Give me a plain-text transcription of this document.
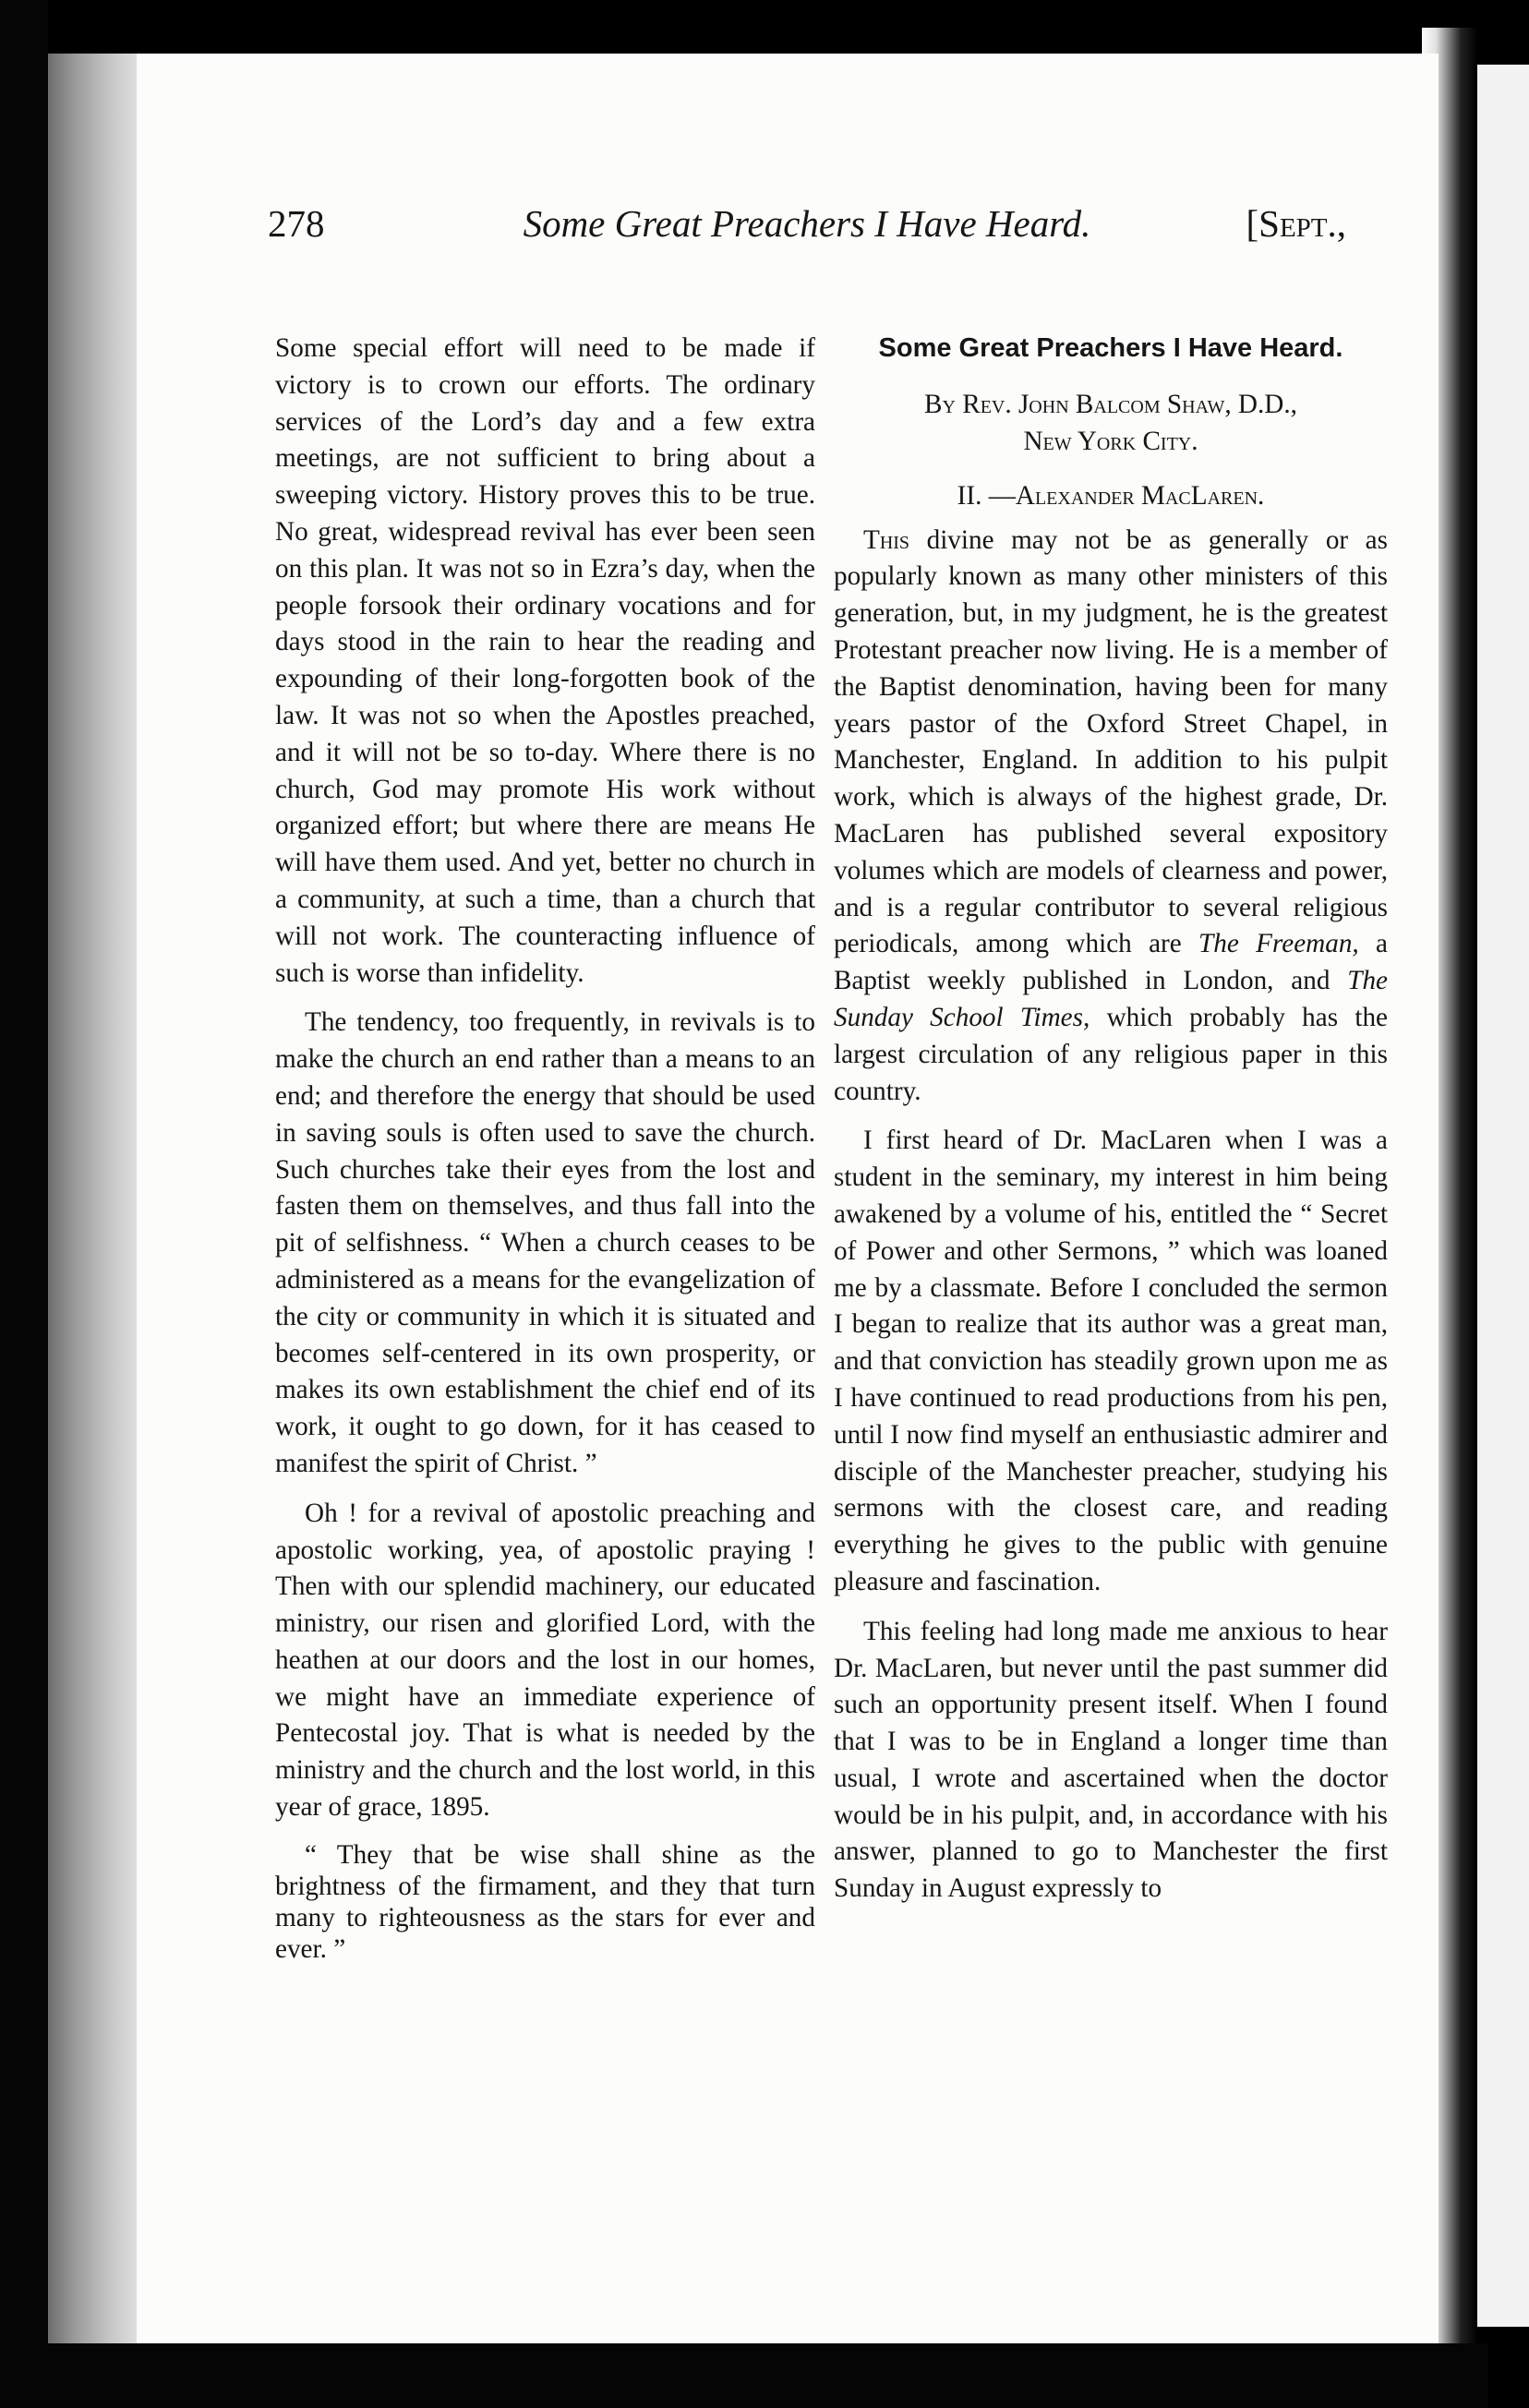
278	Some Great Preachers I Have Heard.	[Sept.,

Some special effort will need to be made if victory is to crown our efforts. The ordinary services of the Lord’s day and a few extra meetings, are not sufficient to bring about a sweeping victory. History proves this to be true. No great, widespread revival has ever been seen on this plan. It was not so in Ezra’s day, when the people forsook their ordinary vocations and for days stood in the rain to hear the reading and expounding of their long-forgotten book of the law. It was not so when the Apostles preached, and it will not be so to-day. Where there is no church, God may promote His work without organized effort; but where there are means He will have them used. And yet, better no church in a community, at such a time, than a church that will not work. The counteracting influence of such is worse than infidelity.

The tendency, too frequently, in revivals is to make the church an end rather than a means to an end; and therefore the energy that should be used in saving souls is often used to save the church. Such churches take their eyes from the lost and fasten them on themselves, and thus fall into the pit of selfishness. “ When a church ceases to be administered as a means for the evangelization of the city or community in which it is situated and becomes self-centered in its own prosperity, or makes its own establishment the chief end of its work, it ought to go down, for it has ceased to manifest the spirit of Christ. ”

Oh ! for a revival of apostolic preaching and apostolic working, yea, of apostolic praying ! Then with our splendid machinery, our educated ministry, our risen and glorified Lord, with the heathen at our doors and the lost in our homes, we might have an immediate experience of Pentecostal joy. That is what is needed by the ministry and the church and the lost world, in this year of grace, 1895.

“ They that be wise shall shine as the brightness of the firmament, and they that turn many to righteousness as the stars for ever and ever. ”

Some Great Preachers I Have Heard.
By Rev. John Balcom Shaw, D.D.,
New York City.
II. —Alexander MacLaren.

This divine may not be as generally or as popularly known as many other ministers of this generation, but, in my judgment, he is the greatest Protestant preacher now living. He is a member of the Baptist denomination, having been for many years pastor of the Oxford Street Chapel, in Manchester, England. In addition to his pulpit work, which is always of the highest grade, Dr. MacLaren has published several expository volumes which are models of clearness and power, and is a regular contributor to several religious periodicals, among which are The Freeman, a Baptist weekly published in London, and The Sunday School Times, which probably has the largest circulation of any religious paper in this country.

I first heard of Dr. MacLaren when I was a student in the seminary, my interest in him being awakened by a volume of his, entitled the “ Secret of Power and other Sermons, ” which was loaned me by a classmate. Before I concluded the sermon I began to realize that its author was a great man, and that conviction has steadily grown upon me as I have continued to read productions from his pen, until I now find myself an enthusiastic admirer and disciple of the Manchester preacher, studying his sermons with the closest care, and reading everything he gives to the public with genuine pleasure and fascination.

This feeling had long made me anxious to hear Dr. MacLaren, but never until the past summer did such an opportunity present itself. When I found that I was to be in England a longer time than usual, I wrote and ascertained when the doctor would be in his pulpit, and, in accordance with his answer, planned to go to Manchester the first Sunday in August expressly to
